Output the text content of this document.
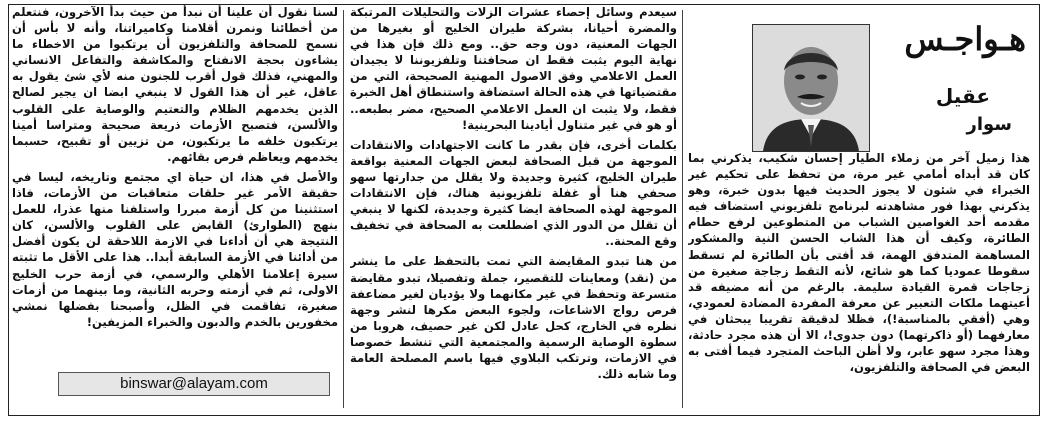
هـواجـس
عقيل
سوار

هذا زميل آخر من زملاء الطيار إحسان شكيب، يذكرني بما كان قد أبداه أمامي غير مرة، من تحفظ على تحكيم غير الخبراء في شئون لا يجوز الحديث فيها بدون خبرة، وهو يذكرني بهذا فور مشاهدته لبرنامج تلفزيوني استضاف فيه مقدمه أحد الغواصين الشباب من المتطوعين لرفع حطام الطائرة، وكيف أن هذا الشاب الحسن النية والمشكور المساهمة المتدفق الهمة، قد أفتى بأن الطائرة لم تسقط سقوطا عموديا كما هو شائع، لأنه التقط زجاجة صغيرة من زجاجات قمرة القيادة سليمة. بالرغم من أنه مضيفه قد أعيتهما ملكات التعبير عن معرفة المفردة المضادة لعمودي، وهي (أفقي بالمناسبة!)، فظلا لدقيقة تقريبا يبحثان في معارفهما (أو ذاكرتهما) دون جدوى!، الا أن هذه مجرد حادثة، وهذا مجرد سهو عابر، ولا أظن الباحث المتجرد فيما أفتى به البعض في الصحافة والتلفزيون،

سيعدم وسائل إحصاء عشرات الزلات والتحليلات المرتبكة والمضرة أحيانا، بشركة طيران الخليج أو بغيرها من الجهات المعنية، دون وجه حق.. ومع ذلك فإن هذا في نهاية اليوم يثبت فقط ان صحافتنا وتلفزيوننا لا يجيدان العمل الاعلامي وفق الاصول المهنية الصحيحة، التي من مقتضياتها في هذه الحالة استضافة واستنطاق أهل الخبرة فقط، ولا يثبت ان العمل الاعلامي الصحيح، مضر بطبعه.. أو هو في غير متناول أيادينا البحرينية!

بكلمات أخرى، فإن بقدر ما كانت الاجتهادات والانتقادات الموجهة من قبل الصحافة لبعض الجهات المعنية بواقعة طيران الخليج، كثيرة وجديدة ولا يقلل من جدارتها سهو صحفي هنا أو غفلة تلفزيونية هناك، فإن الانتقادات الموجهة لهذه الصحافة ايضا كثيرة وجديدة، لكنها لا ينبغي أن تقلل من الدور الذي اضطلعت به الصحافة في تخفيف وقع المحنة..

من هنا تبدو المقايضة التي تمت بالتحفظ على ما ينشر من (نقد) ومعاينات للتقصير، جملة وتفصيلا، تبدو مقايضة متسرعة وتحفظ في غير مكانهما ولا يؤديان لغير مضاعفة فرص رواج الاشاعات، ولجوء البعض مكرها لنشر وجهة نظره في الخارج، كحل عادل لكن غير حصيف، هروبا من سطوة الوصاية الرسمية والمجتمعية التي تنشط خصوصا في الازمات، وترتكب البلاوي فيها باسم المصلحة العامة وما شابه ذلك.

لسنا نقول أن علينا أن نبدأ من حيث بدأ الآخرون، فنتعلم من أخطائنا ونمرن أقلامنا وكاميراتنا، وأنه لا بأس أن نسمح للصحافة والتلفزيون أن يرتكبوا من الاخطاء ما يشاءون بحجة الانفتاح والمكاشفة والتفاعل الانساني والمهني، فذلك قول أقرب للجنون منه لأي شئ يقول به عاقل، غير أن هذا القول لا ينبغي ابضا ان يجير لصالح الذين يخدمهم الظلام والتعتيم والوصاية على القلوب والألسن، فتصبح الأزمات ذريعة صحيحة ومتراسا أمينا يرتكبون خلفه ما يرتكبون، من تزيين أو تقبيح، حسبما يخدمهم ويعاظم فرص بقائهم.

والأصل في هذا، ان حياة اي مجتمع وتاريخه، ليسا في حقيقة الأمر غير حلقات متعاقبات من الأزمات، فاذا استثنينا من كل أزمة مبررا واستلفنا منها عذرا، للعمل بنهج (الطوارئ) القابض على القلوب والألسن، كان النتيجة هي أن أداءنا في الازمة اللاحقة لن يكون أفضل من أدائنا في الأزمة السابقة أبدا.. هذا على الأقل ما تثبته سيرة إعلامنا الأهلي والرسمي، في أزمة حرب الخليج الاولى، ثم في أزمته وحربه الثانية، وما بينهما من أزمات صغيرة، تفاقمت في الظل، وأصبحنا بفضلها نمشي مخفورين بالخدم والدبون والخبراء المزيفين!

binswar@alayam.com
